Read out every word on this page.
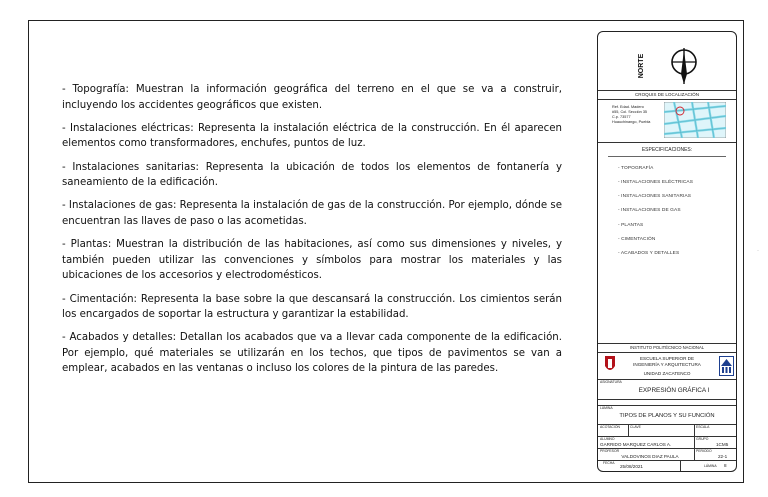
- Topografía: Muestran la información geográfica del terreno en el que se va a construir, incluyendo los accidentes geográficos que existen.

- Instalaciones eléctricas: Representa la instalación eléctrica de la construcción. En él aparecen elementos como transformadores, enchufes, puntos de luz.

- Instalaciones sanitarias: Representa la ubicación de todos los elementos de fontanería y saneamiento de la edificación.

- Instalaciones de gas: Representa la instalación de gas de la construcción. Por ejemplo, dónde se encuentran las llaves de paso o las acometidas.

- Plantas: Muestran la distribución de las habitaciones, así como sus dimensiones y niveles, y también pueden utilizar las convenciones y símbolos para mostrar los materiales y las ubicaciones de los accesorios y electrodomésticos.

- Cimentación: Representa la base sobre la que descansará la construcción. Los cimientos serán los encargados de soportar la estructura y garantizar la estabilidad.

- Acabados y detalles: Detallan los acabados que va a llevar cada componente de la edificación. Por ejemplo, qué materiales se utilizarán en los techos, que tipos de pavimentos se van a emplear, acabados en las ventanas o incluso los colores de la pintura de las paredes.

NORTE
CROQUIS DE LOCALIZACIÓN
Ref. Edad. Madero
#55, Col. Sección 35
C.p. 73577
Huauchinango, Puebla
ESPECIFICACIONES:
- TOPOGRAFÍA
- INSTALACIONES ELÉCTRICAS
- INSTALACIONES SANITARIAS
- INSTALACIONES DE GAS
- PLANTAS
- CIMENTACIÓN
- ACABADOS Y DETALLES
INSTITUTO POLITÉCNICO NACIONAL
ESCUELA SUPERIOR DE
INGENIERÍA Y ARQUITECTURA
UNIDAD ZACATENCO
ASIGNATURA
EXPRESIÓN GRÁFICA I
LÁMINA
TIPOS DE PLANOS Y SU FUNCIÓN
ACOTACIÓN	CLAVE	ESCALA
ALUMNO
GARRIDO MARQUEZ CARLOS A.
GRUPO
1CM5
PROFESOR
VALDOVINOS DIAZ PAULA
PERIODO
22-1
FECHA
25/08/2021	LÁMINA 8
·
